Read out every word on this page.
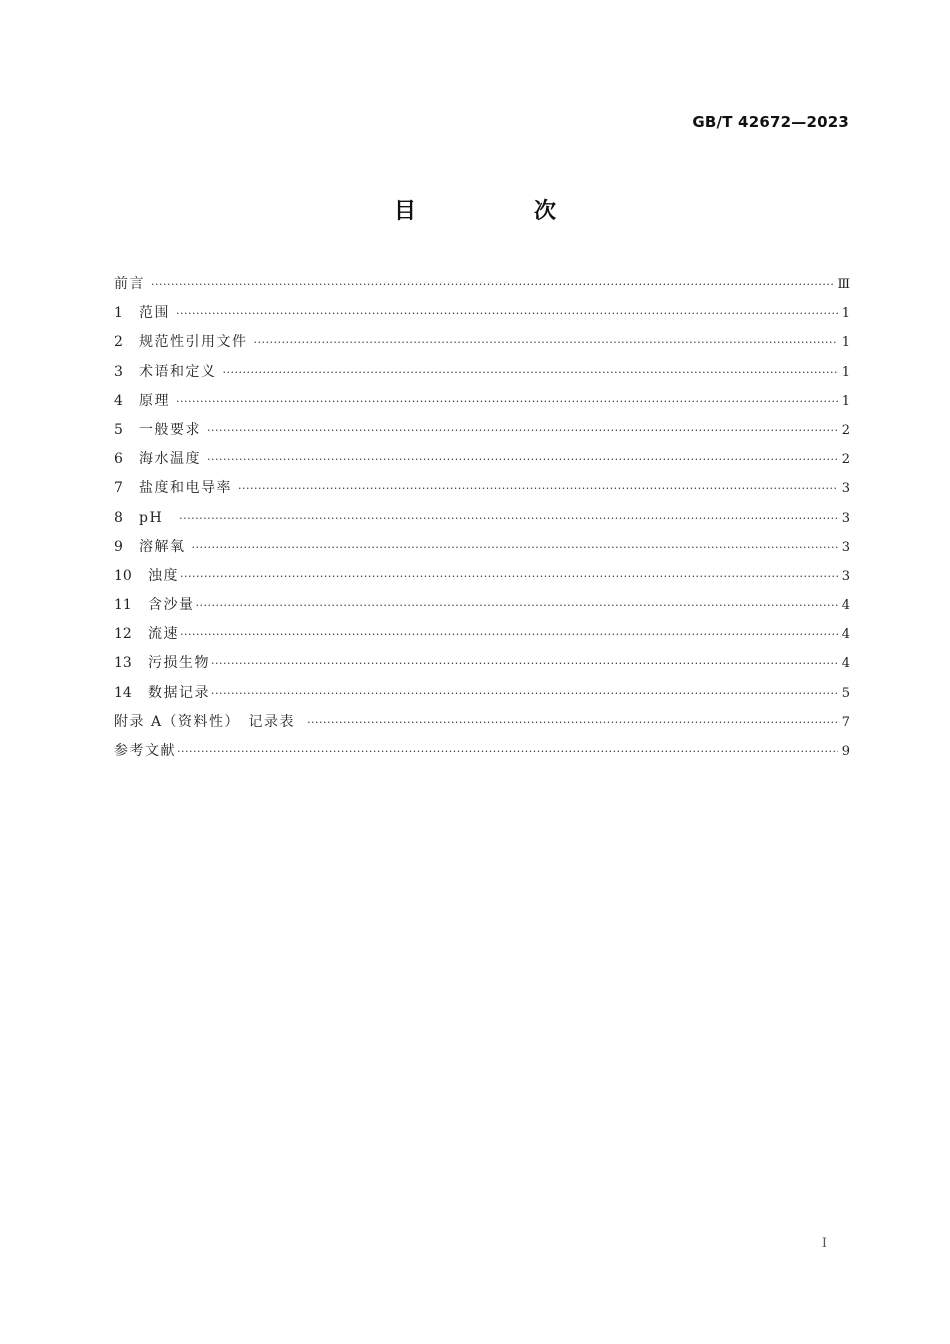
GB/T 42672—2023
目　次
前言 ·····	Ⅲ
1	范围 ·····	1
2	规范性引用文件 ·····	1
3	术语和定义 ·····	1
4	原理 ·····	1
5	一般要求 ·····	2
6	海水温度 ·····	2
7	盐度和电导率 ·····	3
8	pH ·····	3
9	溶解氧 ·····	3
10	浊度 ·····	3
11	含沙量 ·····	4
12	流速 ·····	4
13	污损生物 ·····	4
14	数据记录 ·····	5
附录 A（资料性）　记录表 ·····	7
参考文献 ·····	9
I
